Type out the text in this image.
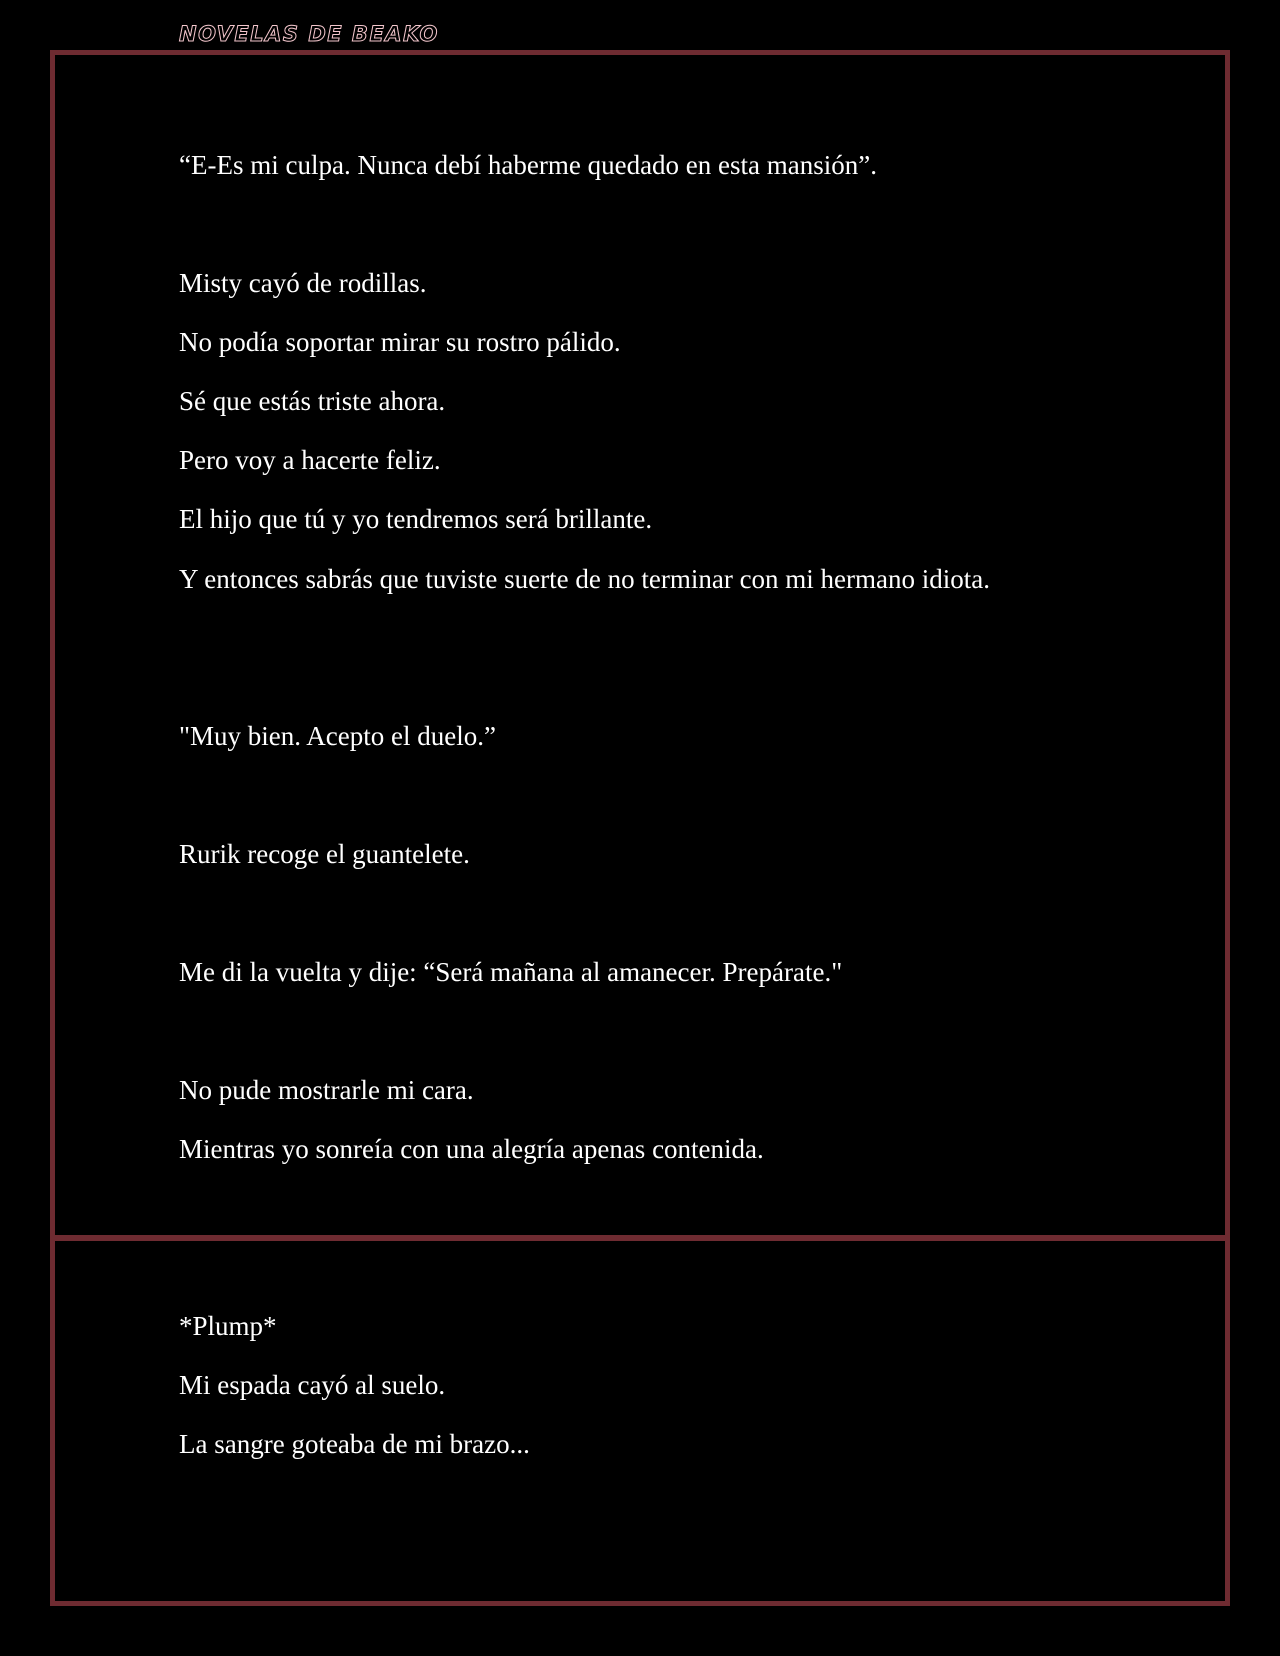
NOVELAS DE BEAKO

“E-Es mi culpa. Nunca debí haberme quedado en esta mansión”.

Misty cayó de rodillas.

No podía soportar mirar su rostro pálido.

Sé que estás triste ahora.

Pero voy a hacerte feliz.

El hijo que tú y yo tendremos será brillante.

Y entonces sabrás que tuviste suerte de no terminar con mi hermano idiota.

"Muy bien. Acepto el duelo.”

Rurik recoge el guantelete.

Me di la vuelta y dije: “Será mañana al amanecer. Prepárate."

No pude mostrarle mi cara.

Mientras yo sonreía con una alegría apenas contenida.

*Plump*

Mi espada cayó al suelo.

La sangre goteaba de mi brazo...
